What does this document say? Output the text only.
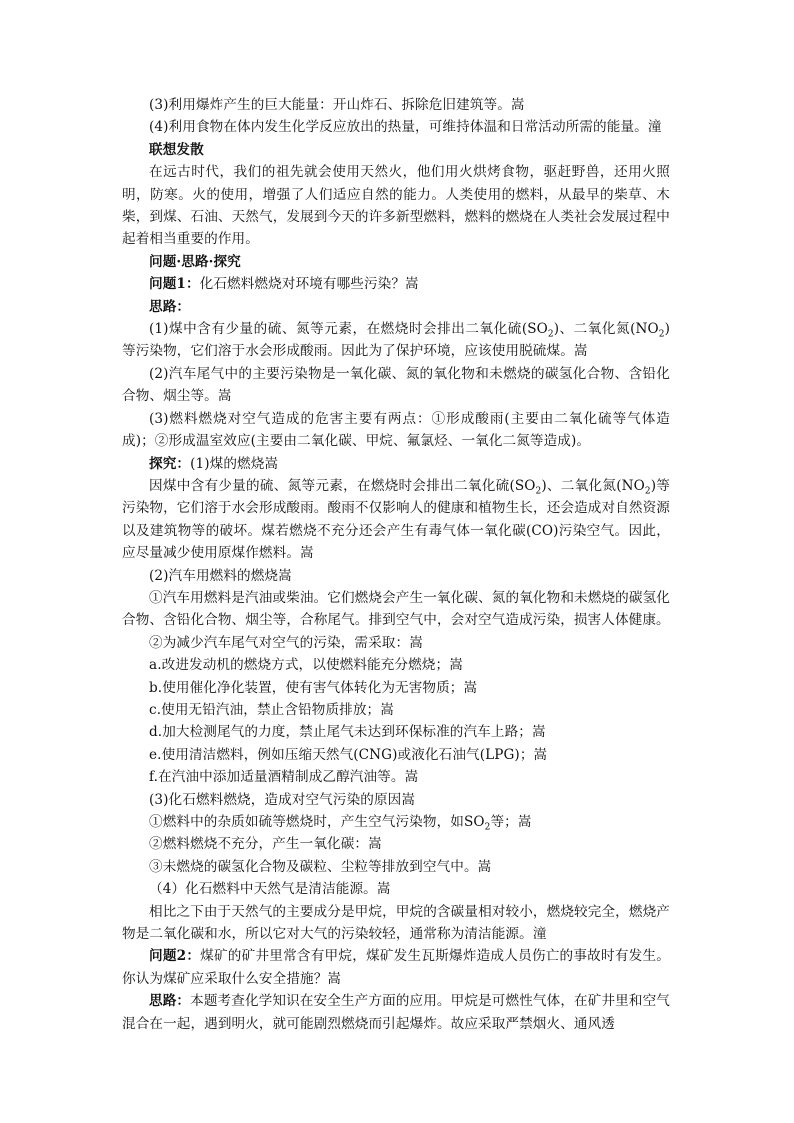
(3)利用爆炸产生的巨大能量：开山炸石、拆除危旧建筑等。嵩

(4)利用食物在体内发生化学反应放出的热量，可维持体温和日常活动所需的能量。潼

联想发散

在远古时代，我们的祖先就会使用天然火，他们用火烘烤食物，驱赶野兽，还用火照明，防寒。火的使用，增强了人们适应自然的能力。人类使用的燃料，从最早的柴草、木柴，到煤、石油、天然气，发展到今天的许多新型燃料，燃料的燃烧在人类社会发展过程中起着相当重要的作用。

问题·思路·探究

问题1：化石燃料燃烧对环境有哪些污染？嵩

思路：

(1)煤中含有少量的硫、氮等元素，在燃烧时会排出二氧化硫$(SO_2)$、二氧化氮$(NO_2)$等污染物，它们溶于水会形成酸雨。因此为了保护环境，应该使用脱硫煤。嵩

(2)汽车尾气中的主要污染物是一氧化碳、氮的氧化物和未燃烧的碳氢化合物、含铅化合物、烟尘等。嵩

(3)燃料燃烧对空气造成的危害主要有两点：①形成酸雨(主要由二氧化硫等气体造成)；②形成温室效应(主要由二氧化碳、甲烷、氟氯烃、一氧化二氮等造成)。

探究：(1)煤的燃烧嵩

因煤中含有少量的硫、氮等元素，在燃烧时会排出二氧化硫$(SO_2)$、二氧化氮$(NO_2)$等污染物，它们溶于水会形成酸雨。酸雨不仅影响人的健康和植物生长，还会造成对自然资源以及建筑物等的破坏。煤若燃烧不充分还会产生有毒气体一氧化碳(CO)污染空气。因此，应尽量减少使用原煤作燃料。嵩

(2)汽车用燃料的燃烧嵩

①汽车用燃料是汽油或柴油。它们燃烧会产生一氧化碳、氮的氧化物和未燃烧的碳氢化合物、含铅化合物、烟尘等，合称尾气。排到空气中，会对空气造成污染，损害人体健康。

②为减少汽车尾气对空气的污染，需采取：嵩

a.改进发动机的燃烧方式，以使燃料能充分燃烧；嵩

b.使用催化净化装置，使有害气体转化为无害物质；嵩

c.使用无铅汽油，禁止含铅物质排放；嵩

d.加大检测尾气的力度，禁止尾气未达到环保标准的汽车上路；嵩

e.使用清洁燃料，例如压缩天然气(CNG)或液化石油气(LPG)；嵩

f.在汽油中添加适量酒精制成乙醇汽油等。嵩

(3)化石燃料燃烧，造成对空气污染的原因嵩

①燃料中的杂质如硫等燃烧时，产生空气污染物，如$SO_2$等；嵩

②燃料燃烧不充分，产生一氧化碳：嵩

③未燃烧的碳氢化合物及碳粒、尘粒等排放到空气中。嵩

（4）化石燃料中天然气是清洁能源。嵩

相比之下由于天然气的主要成分是甲烷，甲烷的含碳量相对较小，燃烧较完全，燃烧产物是二氧化碳和水，所以它对大气的污染较轻，通常称为清洁能源。潼

问题2：煤矿的矿井里常含有甲烷，煤矿发生瓦斯爆炸造成人员伤亡的事故时有发生。你认为煤矿应采取什么安全措施？嵩

思路：本题考查化学知识在安全生产方面的应用。甲烷是可燃性气体，在矿井里和空气混合在一起，遇到明火，就可能剧烈燃烧而引起爆炸。故应采取严禁烟火、通风透
